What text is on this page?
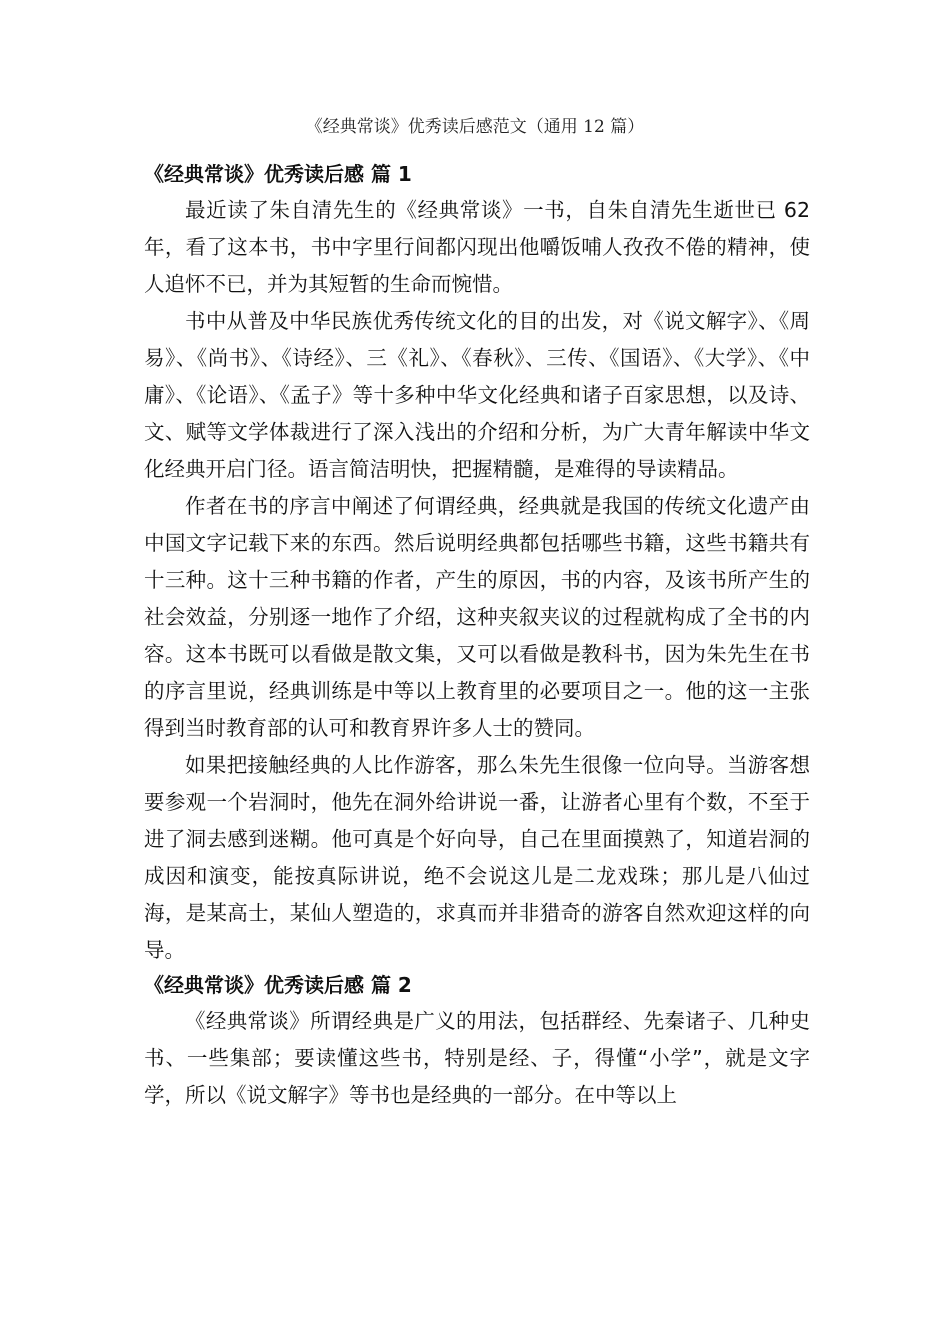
《经典常谈》优秀读后感范文（通用 12 篇）
《经典常谈》优秀读后感 篇 1

最近读了朱自清先生的《经典常谈》一书，自朱自清先生逝世已 62 年，看了这本书，书中字里行间都闪现出他嚼饭哺人孜孜不倦的精神，使人追怀不已，并为其短暂的生命而惋惜。

书中从普及中华民族优秀传统文化的目的出发，对《说文解字》、《周易》、《尚书》、《诗经》、三《礼》、《春秋》、三传、《国语》、《大学》、《中庸》、《论语》、《孟子》等十多种中华文化经典和诸子百家思想，以及诗、文、赋等文学体裁进行了深入浅出的介绍和分析，为广大青年解读中华文化经典开启门径。语言简洁明快，把握精髓，是难得的导读精品。

作者在书的序言中阐述了何谓经典，经典就是我国的传统文化遗产由中国文字记载下来的东西。然后说明经典都包括哪些书籍，这些书籍共有十三种。这十三种书籍的作者，产生的原因，书的内容，及该书所产生的社会效益，分别逐一地作了介绍，这种夹叙夹议的过程就构成了全书的内容。这本书既可以看做是散文集，又可以看做是教科书，因为朱先生在书的序言里说，经典训练是中等以上教育里的必要项目之一。他的这一主张得到当时教育部的认可和教育界许多人士的赞同。

如果把接触经典的人比作游客，那么朱先生很像一位向导。当游客想要参观一个岩洞时，他先在洞外给讲说一番，让游者心里有个数，不至于进了洞去感到迷糊。他可真是个好向导，自己在里面摸熟了，知道岩洞的成因和演变，能按真际讲说，绝不会说这儿是二龙戏珠；那儿是八仙过海，是某高士，某仙人塑造的，求真而并非猎奇的游客自然欢迎这样的向导。

《经典常谈》优秀读后感 篇 2

《经典常谈》所谓经典是广义的用法，包括群经、先秦诸子、几种史书、一些集部；要读懂这些书，特别是经、子，得懂“小学”，就是文字学，所以《说文解字》等书也是经典的一部分。在中等以上
